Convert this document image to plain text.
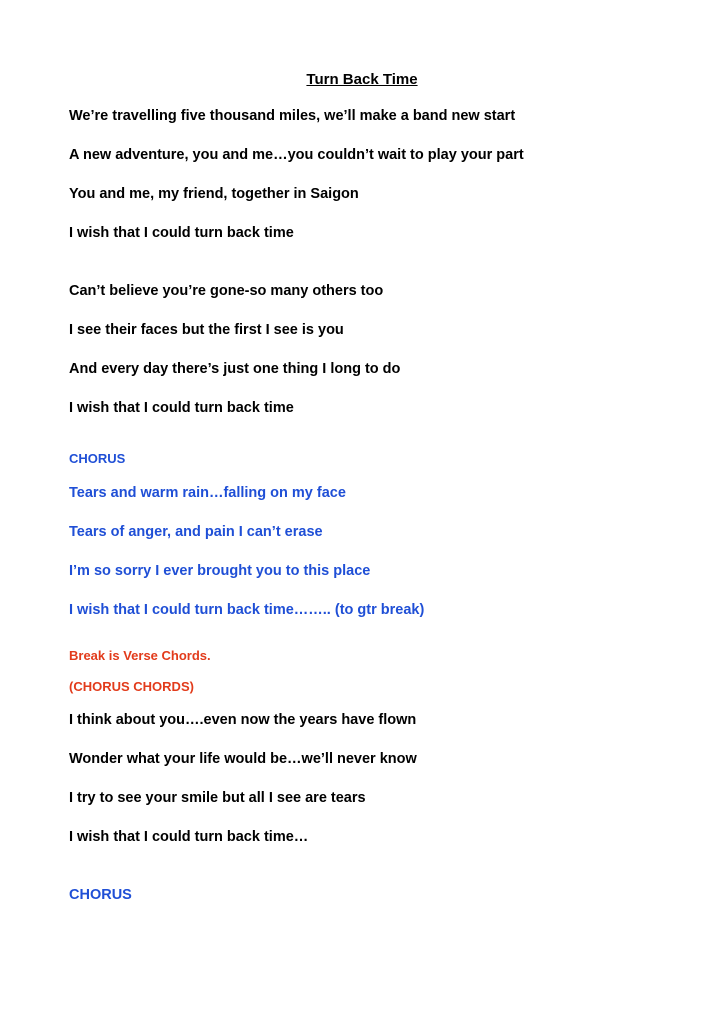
Turn Back Time
We’re travelling five thousand miles, we’ll make a band new start
A new adventure, you and me…you couldn’t wait to play your part
You and me, my friend, together in Saigon
I wish that I could turn back time
Can’t believe you’re gone-so many others too
I see their faces but the first I see is you
And every day there’s just one thing I long to do
I wish that I could turn back time
CHORUS
Tears and warm rain…falling on my face
Tears of anger, and pain I can’t erase
I’m so sorry I ever brought you to this place
I wish that I could turn back time…….. (to gtr break)
Break is Verse Chords.
(CHORUS CHORDS)
I think about you….even now the years have flown
Wonder what your life would be…we’ll never know
I try to see your smile but all I see are tears
I wish that I could turn back time…
CHORUS
